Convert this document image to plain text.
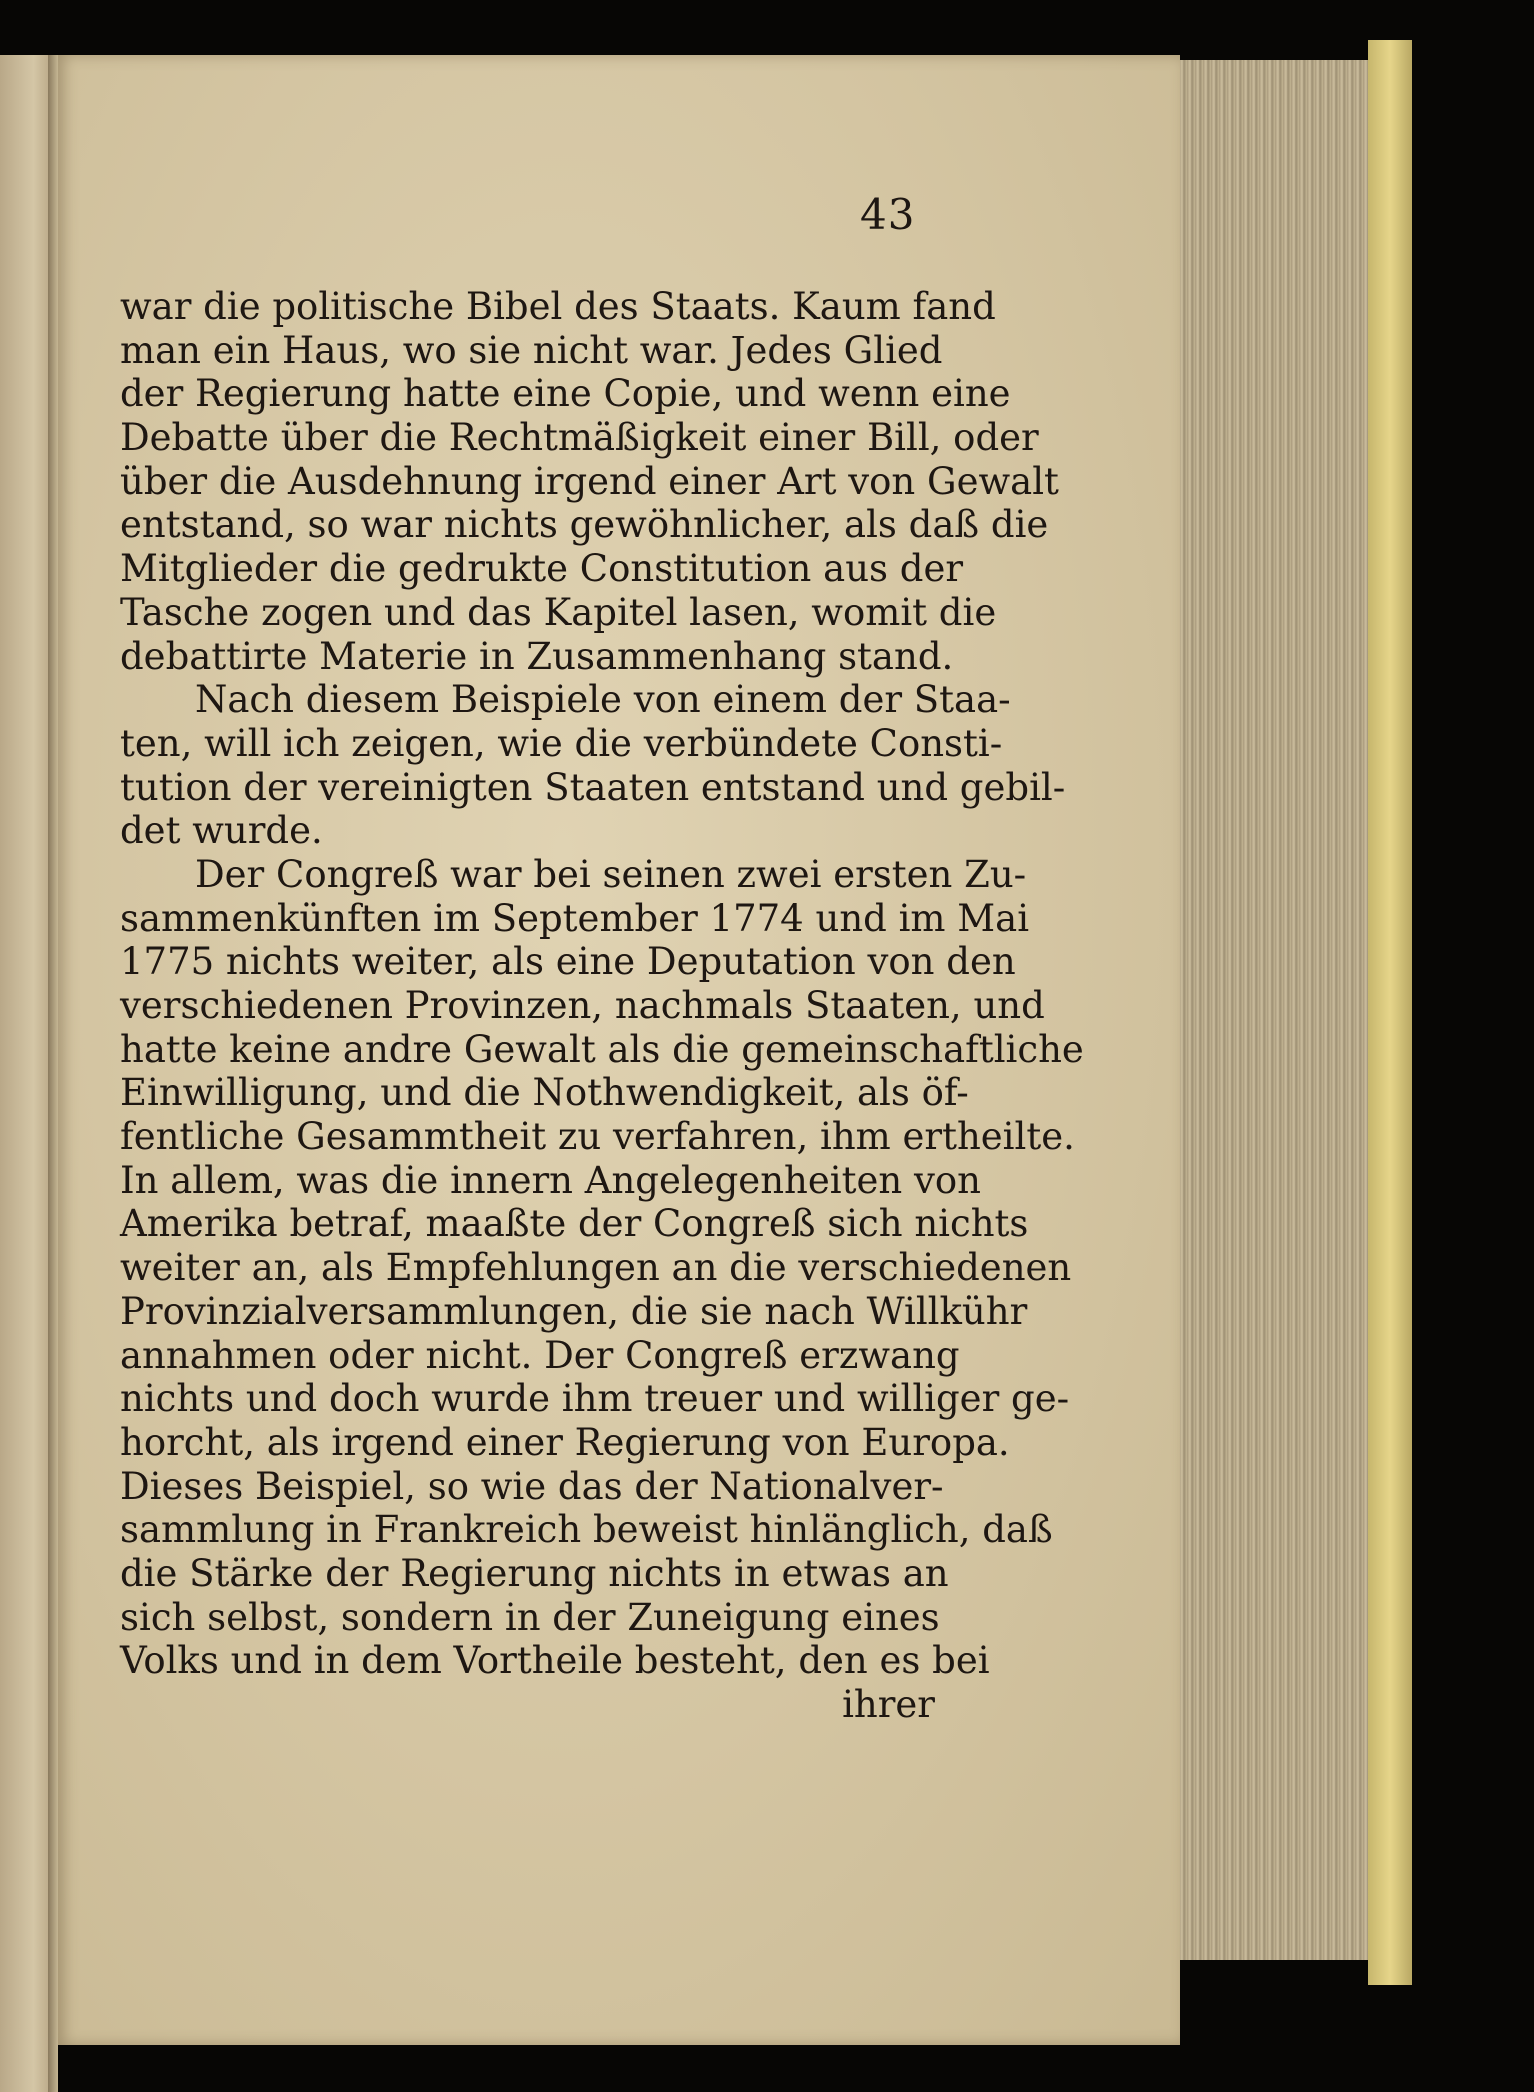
43
war die politische Bibel des Staats. Kaum fand
man ein Haus, wo sie nicht war. Jedes Glied
der Regierung hatte eine Copie, und wenn eine
Debatte über die Rechtmäßigkeit einer Bill, oder
über die Ausdehnung irgend einer Art von Gewalt
entstand, so war nichts gewöhnlicher, als daß die
Mitglieder die gedrukte Constitution aus der
Tasche zogen und das Kapitel lasen, womit die
debattirte Materie in Zusammenhang stand.
Nach diesem Beispiele von einem der Staa-
ten, will ich zeigen, wie die verbündete Consti-
tution der vereinigten Staaten entstand und gebil-
det wurde.
Der Congreß war bei seinen zwei ersten Zu-
sammenkünften im September 1774 und im Mai
1775 nichts weiter, als eine Deputation von den
verschiedenen Provinzen, nachmals Staaten, und
hatte keine andre Gewalt als die gemeinschaftliche
Einwilligung, und die Nothwendigkeit, als öf-
fentliche Gesammtheit zu verfahren, ihm ertheilte.
In allem, was die innern Angelegenheiten von
Amerika betraf, maaßte der Congreß sich nichts
weiter an, als Empfehlungen an die verschiedenen
Provinzialversammlungen, die sie nach Willkühr
annahmen oder nicht. Der Congreß erzwang
nichts und doch wurde ihm treuer und williger ge-
horcht, als irgend einer Regierung von Europa.
Dieses Beispiel, so wie das der Nationalver-
sammlung in Frankreich beweist hinlänglich, daß
die Stärke der Regierung nichts in etwas an
sich selbst, sondern in der Zuneigung eines
Volks und in dem Vortheile besteht, den es bei
ihrer
